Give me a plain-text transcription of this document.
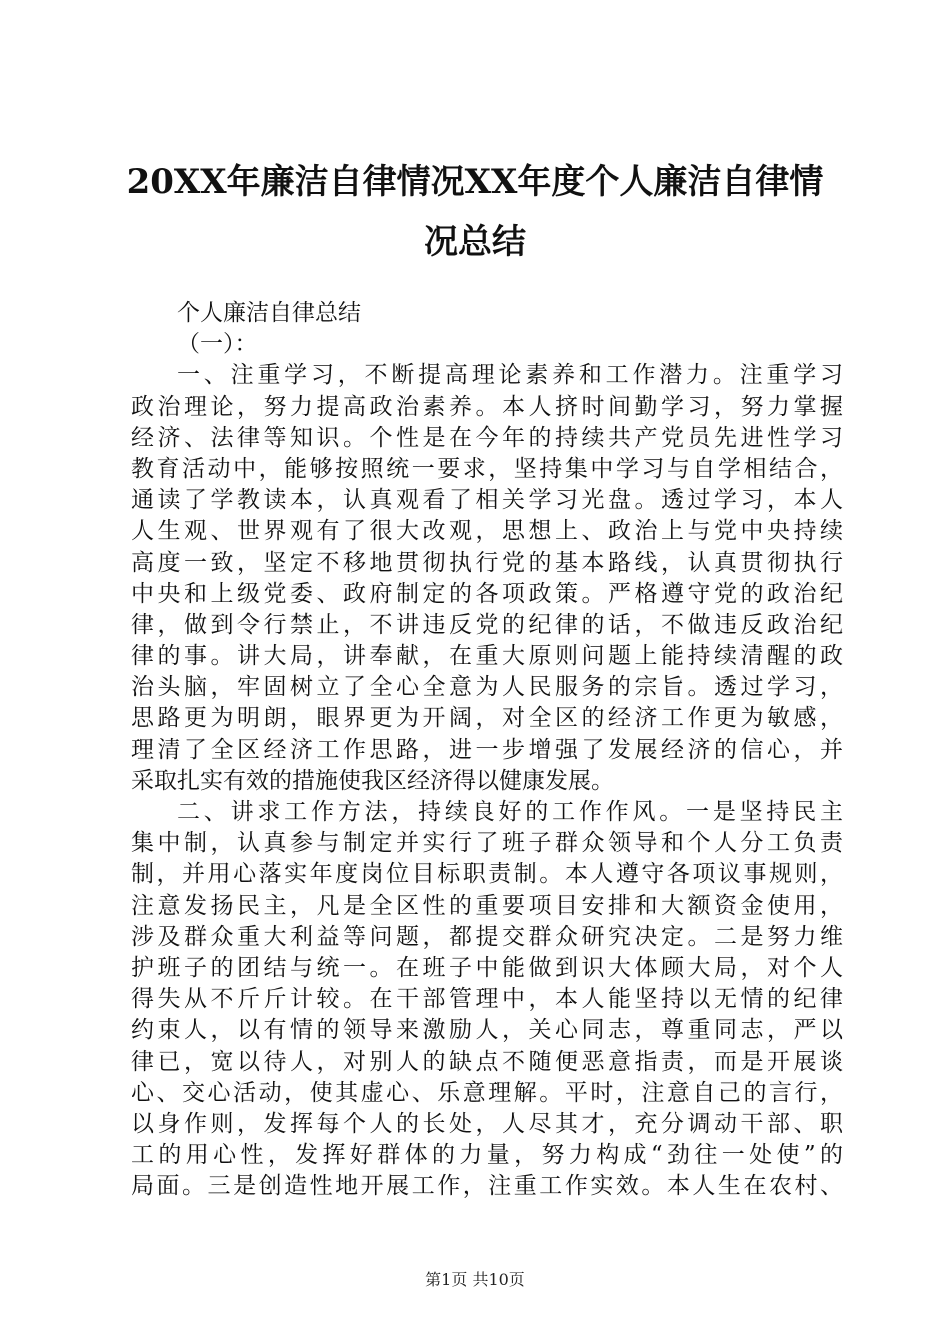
20XX年廉洁自律情况XX年度个人廉洁自律情
况总结
个人廉洁自律总结
（一）：
一、注重学习，不断提高理论素养和工作潜力。注重学习
政治理论，努力提高政治素养。本人挤时间勤学习，努力掌握
经济、法律等知识。个性是在今年的持续共产党员先进性学习
教育活动中，能够按照统一要求，坚持集中学习与自学相结合，
通读了学教读本，认真观看了相关学习光盘。透过学习，本人
人生观、世界观有了很大改观，思想上、政治上与党中央持续
高度一致，坚定不移地贯彻执行党的基本路线，认真贯彻执行
中央和上级党委、政府制定的各项政策。严格遵守党的政治纪
律，做到令行禁止，不讲违反党的纪律的话，不做违反政治纪
律的事。讲大局，讲奉献，在重大原则问题上能持续清醒的政
治头脑，牢固树立了全心全意为人民服务的宗旨。透过学习，
思路更为明朗，眼界更为开阔，对全区的经济工作更为敏感，
理清了全区经济工作思路，进一步增强了发展经济的信心，并
采取扎实有效的措施使我区经济得以健康发展。
二、讲求工作方法，持续良好的工作作风。一是坚持民主
集中制，认真参与制定并实行了班子群众领导和个人分工负责
制，并用心落实年度岗位目标职责制。本人遵守各项议事规则，
注意发扬民主，凡是全区性的重要项目安排和大额资金使用，
涉及群众重大利益等问题，都提交群众研究决定。二是努力维
护班子的团结与统一。在班子中能做到识大体顾大局，对个人
得失从不斤斤计较。在干部管理中，本人能坚持以无情的纪律
约束人，以有情的领导来激励人，关心同志，尊重同志，严以
律已，宽以待人，对别人的缺点不随便恶意指责，而是开展谈
心、交心活动，使其虚心、乐意理解。平时，注意自己的言行，
以身作则，发挥每个人的长处，人尽其才，充分调动干部、职
工的用心性，发挥好群体的力量，努力构成“劲往一处使”的
局面。三是创造性地开展工作，注重工作实效。本人生在农村、
第1页 共10页
